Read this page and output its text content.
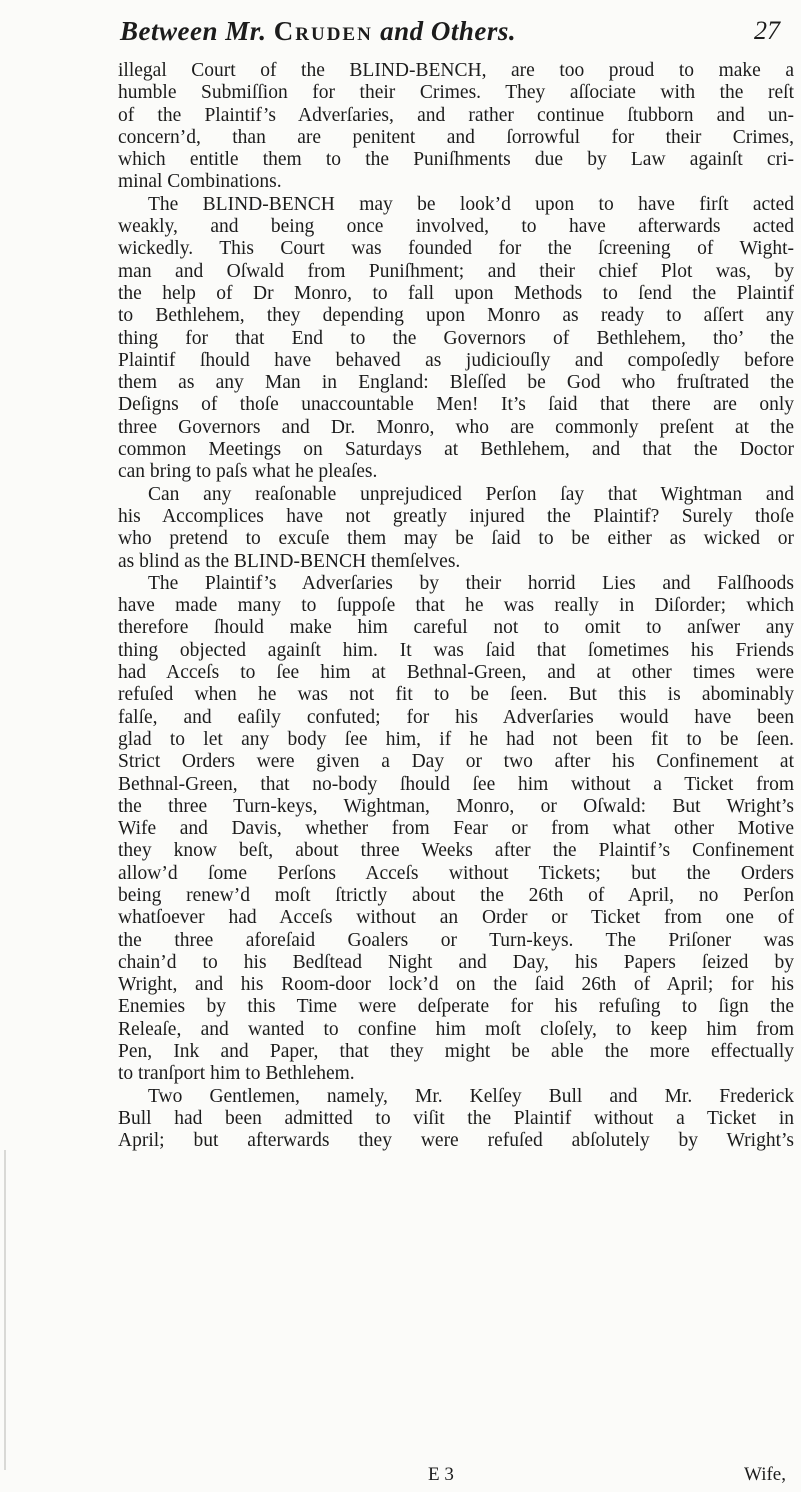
Between Mr. Cruden and Others.	27
illegal Court of the BLIND-BENCH, are too proud to make a
humble Submiſſion for their Crimes. They aſſociate with the reſt
of the Plaintif’s Adverſaries, and rather continue ſtubborn and un-
concern’d, than are penitent and ſorrowful for their Crimes,
which entitle them to the Puniſhments due by Law againſt cri-
minal Combinations.
The BLIND-BENCH may be look’d upon to have firſt acted
weakly, and being once involved, to have afterwards acted
wickedly. This Court was founded for the ſcreening of Wight-
man and Oſwald from Puniſhment; and their chief Plot was, by
the help of Dr Monro, to fall upon Methods to ſend the Plaintif
to Bethlehem, they depending upon Monro as ready to aſſert any
thing for that End to the Governors of Bethlehem, tho’ the
Plaintif ſhould have behaved as judiciouſly and compoſedly before
them as any Man in England: Bleſſed be God who fruſtrated the
Deſigns of thoſe unaccountable Men! It’s ſaid that there are only
three Governors and Dr. Monro, who are commonly preſent at the
common Meetings on Saturdays at Bethlehem, and that the Doctor
can bring to paſs what he pleaſes.
Can any reaſonable unprejudiced Perſon ſay that Wightman and
his Accomplices have not greatly injured the Plaintif? Surely thoſe
who pretend to excuſe them may be ſaid to be either as wicked or
as blind as the BLIND-BENCH themſelves.
The Plaintif’s Adverſaries by their horrid Lies and Falſhoods
have made many to ſuppoſe that he was really in Diſorder; which
therefore ſhould make him careful not to omit to anſwer any
thing objected againſt him. It was ſaid that ſometimes his Friends
had Acceſs to ſee him at Bethnal-Green, and at other times were
refuſed when he was not fit to be ſeen. But this is abominably
falſe, and eaſily confuted; for his Adverſaries would have been
glad to let any body ſee him, if he had not been fit to be ſeen.
Strict Orders were given a Day or two after his Confinement at
Bethnal-Green, that no-body ſhould ſee him without a Ticket from
the three Turn-keys, Wightman, Monro, or Oſwald: But Wright’s
Wife and Davis, whether from Fear or from what other Motive
they know beſt, about three Weeks after the Plaintif’s Confinement
allow’d ſome Perſons Acceſs without Tickets; but the Orders
being renew’d moſt ſtrictly about the 26th of April, no Perſon
whatſoever had Acceſs without an Order or Ticket from one of
the three aforeſaid Goalers or Turn-keys. The Priſoner was
chain’d to his Bedſtead Night and Day, his Papers ſeized by
Wright, and his Room-door lock’d on the ſaid 26th of April; for his
Enemies by this Time were deſperate for his refuſing to ſign the
Releaſe, and wanted to confine him moſt cloſely, to keep him from
Pen, Ink and Paper, that they might be able the more effectually
to tranſport him to Bethlehem.
Two Gentlemen, namely, Mr. Kelſey Bull and Mr. Frederick
Bull had been admitted to viſit the Plaintif without a Ticket in
April; but afterwards they were refuſed abſolutely by Wright’s
E 3	Wife,
